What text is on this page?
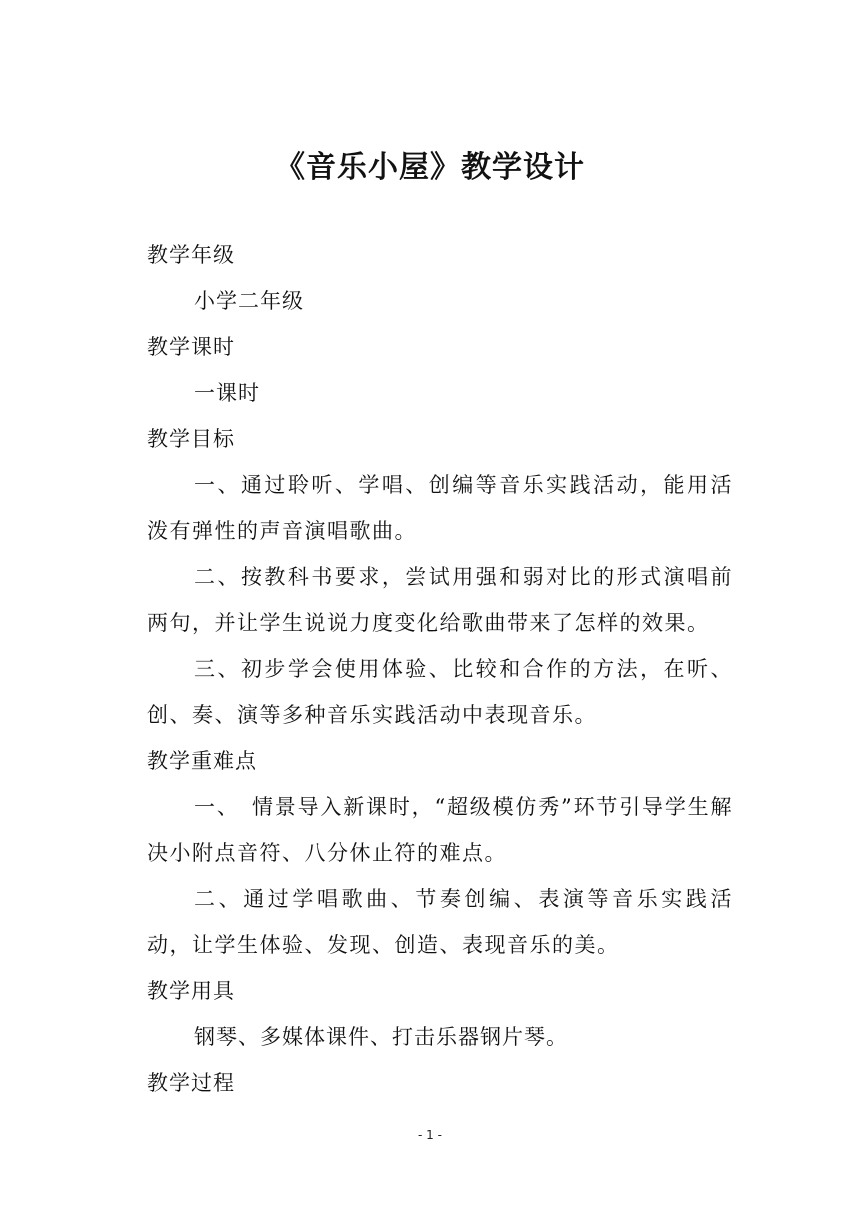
《音乐小屋》教学设计
教学年级
小学二年级
教学课时
一课时
教学目标
一、通过聆听、学唱、创编等音乐实践活动，能用活泼有弹性的声音演唱歌曲。
二、按教科书要求，尝试用强和弱对比的形式演唱前两句，并让学生说说力度变化给歌曲带来了怎样的效果。
三、初步学会使用体验、比较和合作的方法，在听、创、奏、演等多种音乐实践活动中表现音乐。
教学重难点
一、　情景导入新课时，“超级模仿秀”环节引导学生解决小附点音符、八分休止符的难点。
二、通过学唱歌曲、节奏创编、表演等音乐实践活动，让学生体验、发现、创造、表现音乐的美。
教学用具
钢琴、多媒体课件、打击乐器钢片琴。
教学过程
- 1 -
